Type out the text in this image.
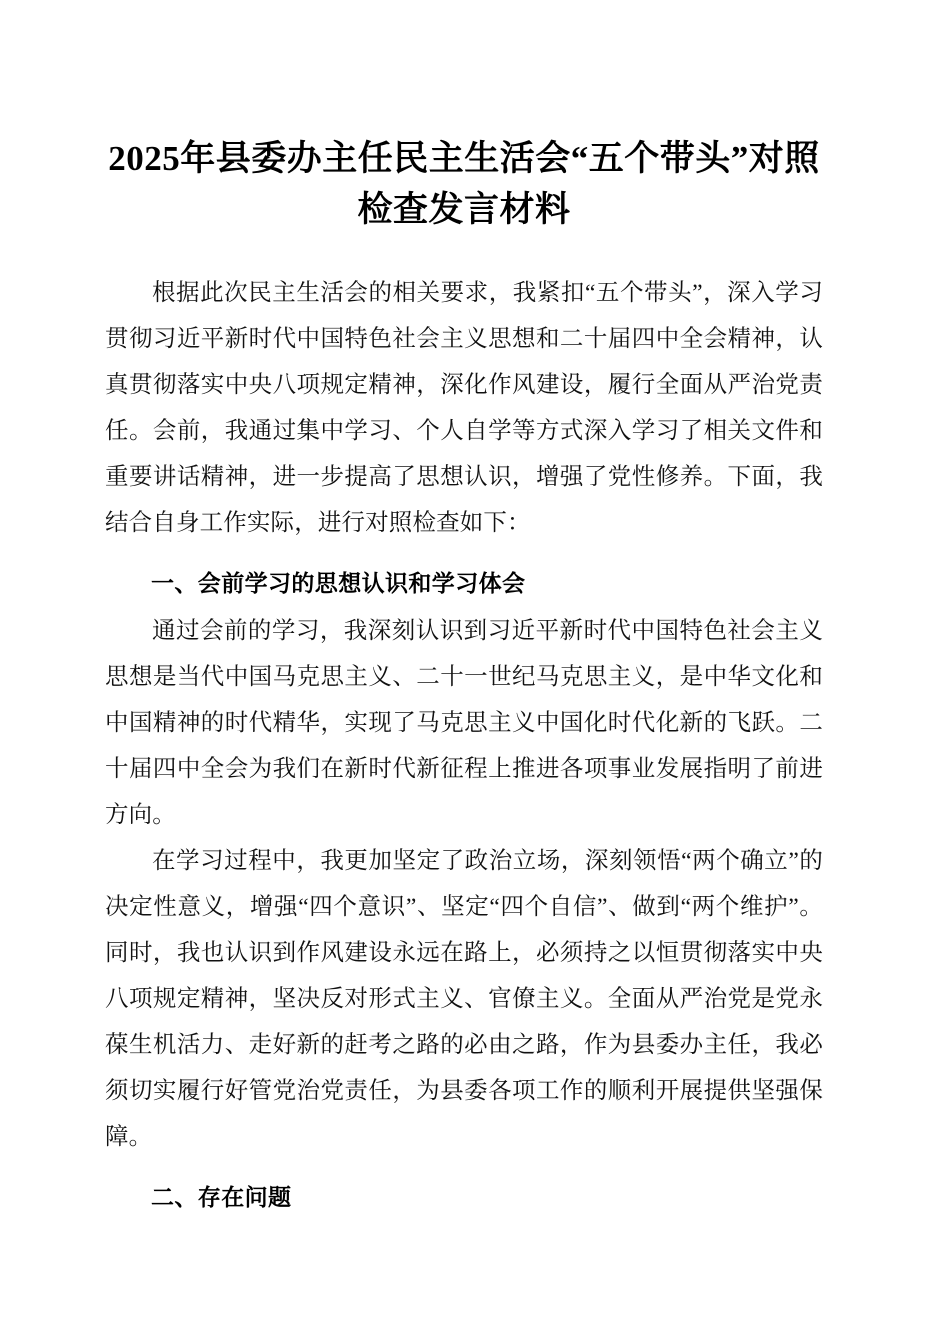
2025年县委办主任民主生活会“五个带头”对照检查发言材料

根据此次民主生活会的相关要求，我紧扣“五个带头”，深入学习贯彻习近平新时代中国特色社会主义思想和二十届四中全会精神，认真贯彻落实中央八项规定精神，深化作风建设，履行全面从严治党责任。会前，我通过集中学习、个人自学等方式深入学习了相关文件和重要讲话精神，进一步提高了思想认识，增强了党性修养。下面，我结合自身工作实际，进行对照检查如下：

一、会前学习的思想认识和学习体会

通过会前的学习，我深刻认识到习近平新时代中国特色社会主义思想是当代中国马克思主义、二十一世纪马克思主义，是中华文化和中国精神的时代精华，实现了马克思主义中国化时代化新的飞跃。二十届四中全会为我们在新时代新征程上推进各项事业发展指明了前进方向。

在学习过程中，我更加坚定了政治立场，深刻领悟“两个确立”的决定性意义，增强“四个意识”、坚定“四个自信”、做到“两个维护”。同时，我也认识到作风建设永远在路上，必须持之以恒贯彻落实中央八项规定精神，坚决反对形式主义、官僚主义。全面从严治党是党永葆生机活力、走好新的赶考之路的必由之路，作为县委办主任，我必须切实履行好管党治党责任，为县委各项工作的顺利开展提供坚强保障。

二、存在问题
